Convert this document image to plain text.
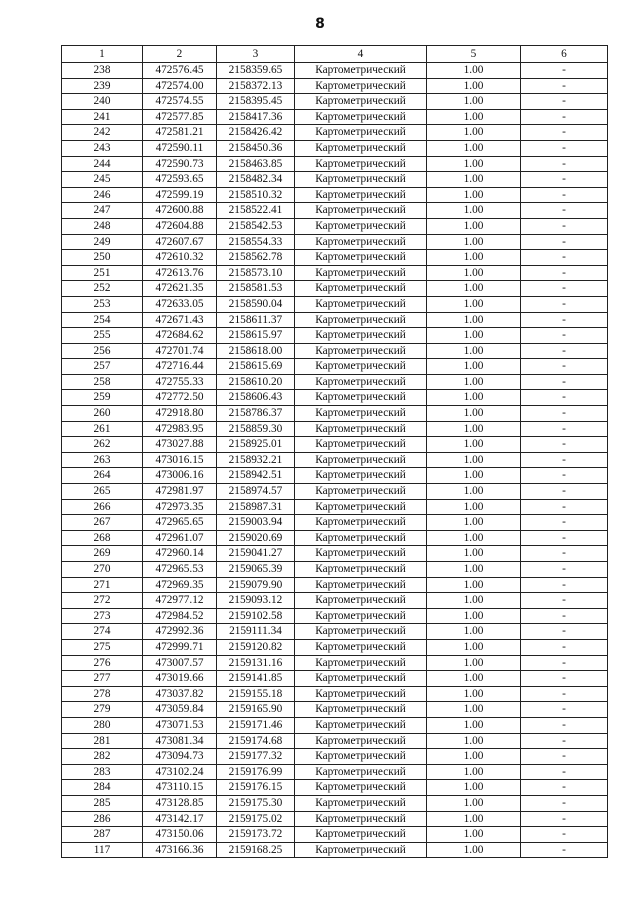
8
1	2	3	4	5	6
238	472576.45	2158359.65	Картометрический	1.00	-
239	472574.00	2158372.13	Картометрический	1.00	-
240	472574.55	2158395.45	Картометрический	1.00	-
241	472577.85	2158417.36	Картометрический	1.00	-
242	472581.21	2158426.42	Картометрический	1.00	-
243	472590.11	2158450.36	Картометрический	1.00	-
244	472590.73	2158463.85	Картометрический	1.00	-
245	472593.65	2158482.34	Картометрический	1.00	-
246	472599.19	2158510.32	Картометрический	1.00	-
247	472600.88	2158522.41	Картометрический	1.00	-
248	472604.88	2158542.53	Картометрический	1.00	-
249	472607.67	2158554.33	Картометрический	1.00	-
250	472610.32	2158562.78	Картометрический	1.00	-
251	472613.76	2158573.10	Картометрический	1.00	-
252	472621.35	2158581.53	Картометрический	1.00	-
253	472633.05	2158590.04	Картометрический	1.00	-
254	472671.43	2158611.37	Картометрический	1.00	-
255	472684.62	2158615.97	Картометрический	1.00	-
256	472701.74	2158618.00	Картометрический	1.00	-
257	472716.44	2158615.69	Картометрический	1.00	-
258	472755.33	2158610.20	Картометрический	1.00	-
259	472772.50	2158606.43	Картометрический	1.00	-
260	472918.80	2158786.37	Картометрический	1.00	-
261	472983.95	2158859.30	Картометрический	1.00	-
262	473027.88	2158925.01	Картометрический	1.00	-
263	473016.15	2158932.21	Картометрический	1.00	-
264	473006.16	2158942.51	Картометрический	1.00	-
265	472981.97	2158974.57	Картометрический	1.00	-
266	472973.35	2158987.31	Картометрический	1.00	-
267	472965.65	2159003.94	Картометрический	1.00	-
268	472961.07	2159020.69	Картометрический	1.00	-
269	472960.14	2159041.27	Картометрический	1.00	-
270	472965.53	2159065.39	Картометрический	1.00	-
271	472969.35	2159079.90	Картометрический	1.00	-
272	472977.12	2159093.12	Картометрический	1.00	-
273	472984.52	2159102.58	Картометрический	1.00	-
274	472992.36	2159111.34	Картометрический	1.00	-
275	472999.71	2159120.82	Картометрический	1.00	-
276	473007.57	2159131.16	Картометрический	1.00	-
277	473019.66	2159141.85	Картометрический	1.00	-
278	473037.82	2159155.18	Картометрический	1.00	-
279	473059.84	2159165.90	Картометрический	1.00	-
280	473071.53	2159171.46	Картометрический	1.00	-
281	473081.34	2159174.68	Картометрический	1.00	-
282	473094.73	2159177.32	Картометрический	1.00	-
283	473102.24	2159176.99	Картометрический	1.00	-
284	473110.15	2159176.15	Картометрический	1.00	-
285	473128.85	2159175.30	Картометрический	1.00	-
286	473142.17	2159175.02	Картометрический	1.00	-
287	473150.06	2159173.72	Картометрический	1.00	-
117	473166.36	2159168.25	Картометрический	1.00	-
